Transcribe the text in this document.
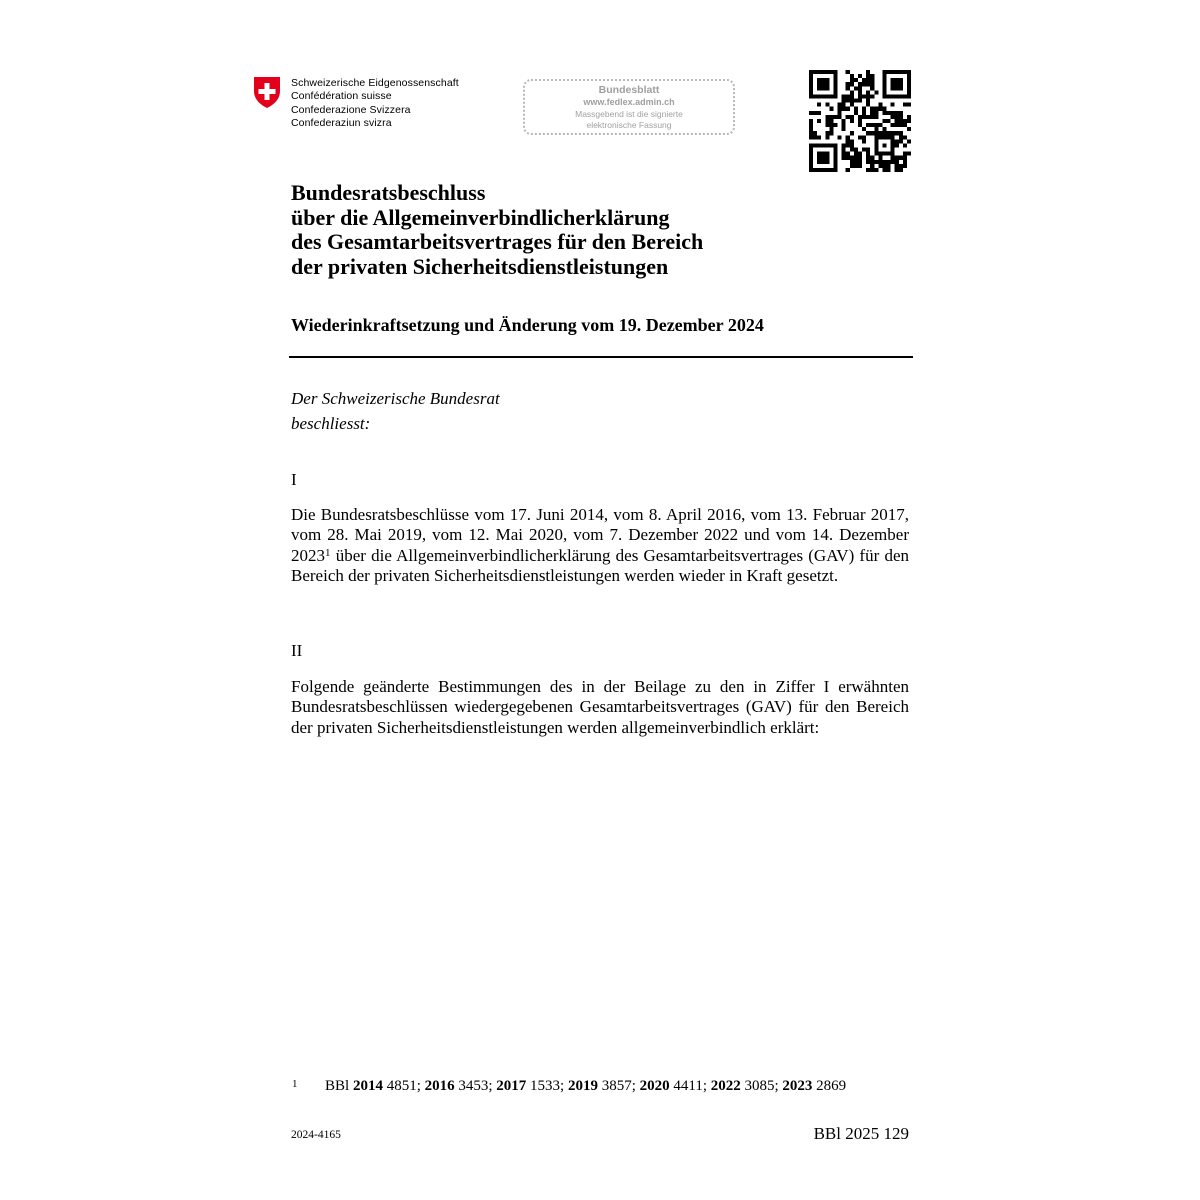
Schweizerische Eidgenossenschaft
Confédération suisse
Confederazione Svizzera
Confederaziun svizra
Bundesblatt
www.fedlex.admin.ch
Massgebend ist die signierte
elektronische Fassung
Bundesratsbeschluss
über die Allgemeinverbindlicherklärung
des Gesamtarbeitsvertrages für den Bereich
der privaten Sicherheitsdienstleistungen
Wiederinkraftsetzung und Änderung vom 19. Dezember 2024
Der Schweizerische Bundesrat
beschliesst:
I
Die Bundesratsbeschlüsse vom 17. Juni 2014, vom 8. April 2016, vom 13. Februar 2017, vom 28. Mai 2019, vom 12. Mai 2020, vom 7. Dezember 2022 und vom 14. Dezember 2023$^1$ über die Allgemeinverbindlicherklärung des Gesamtarbeitsvertrages (GAV) für den Bereich der privaten Sicherheitsdienstleistungen werden wieder in Kraft gesetzt.
II
Folgende geänderte Bestimmungen des in der Beilage zu den in Ziffer I erwähnten Bundesratsbeschlüssen wiedergegebenen Gesamtarbeitsvertrages (GAV) für den Bereich der privaten Sicherheitsdienstleistungen werden allgemeinverbindlich erklärt:
1 BBl 2014 4851; 2016 3453; 2017 1533; 2019 3857; 2020 4411; 2022 3085; 2023 2869
2024-4165	BBl 2025 129
